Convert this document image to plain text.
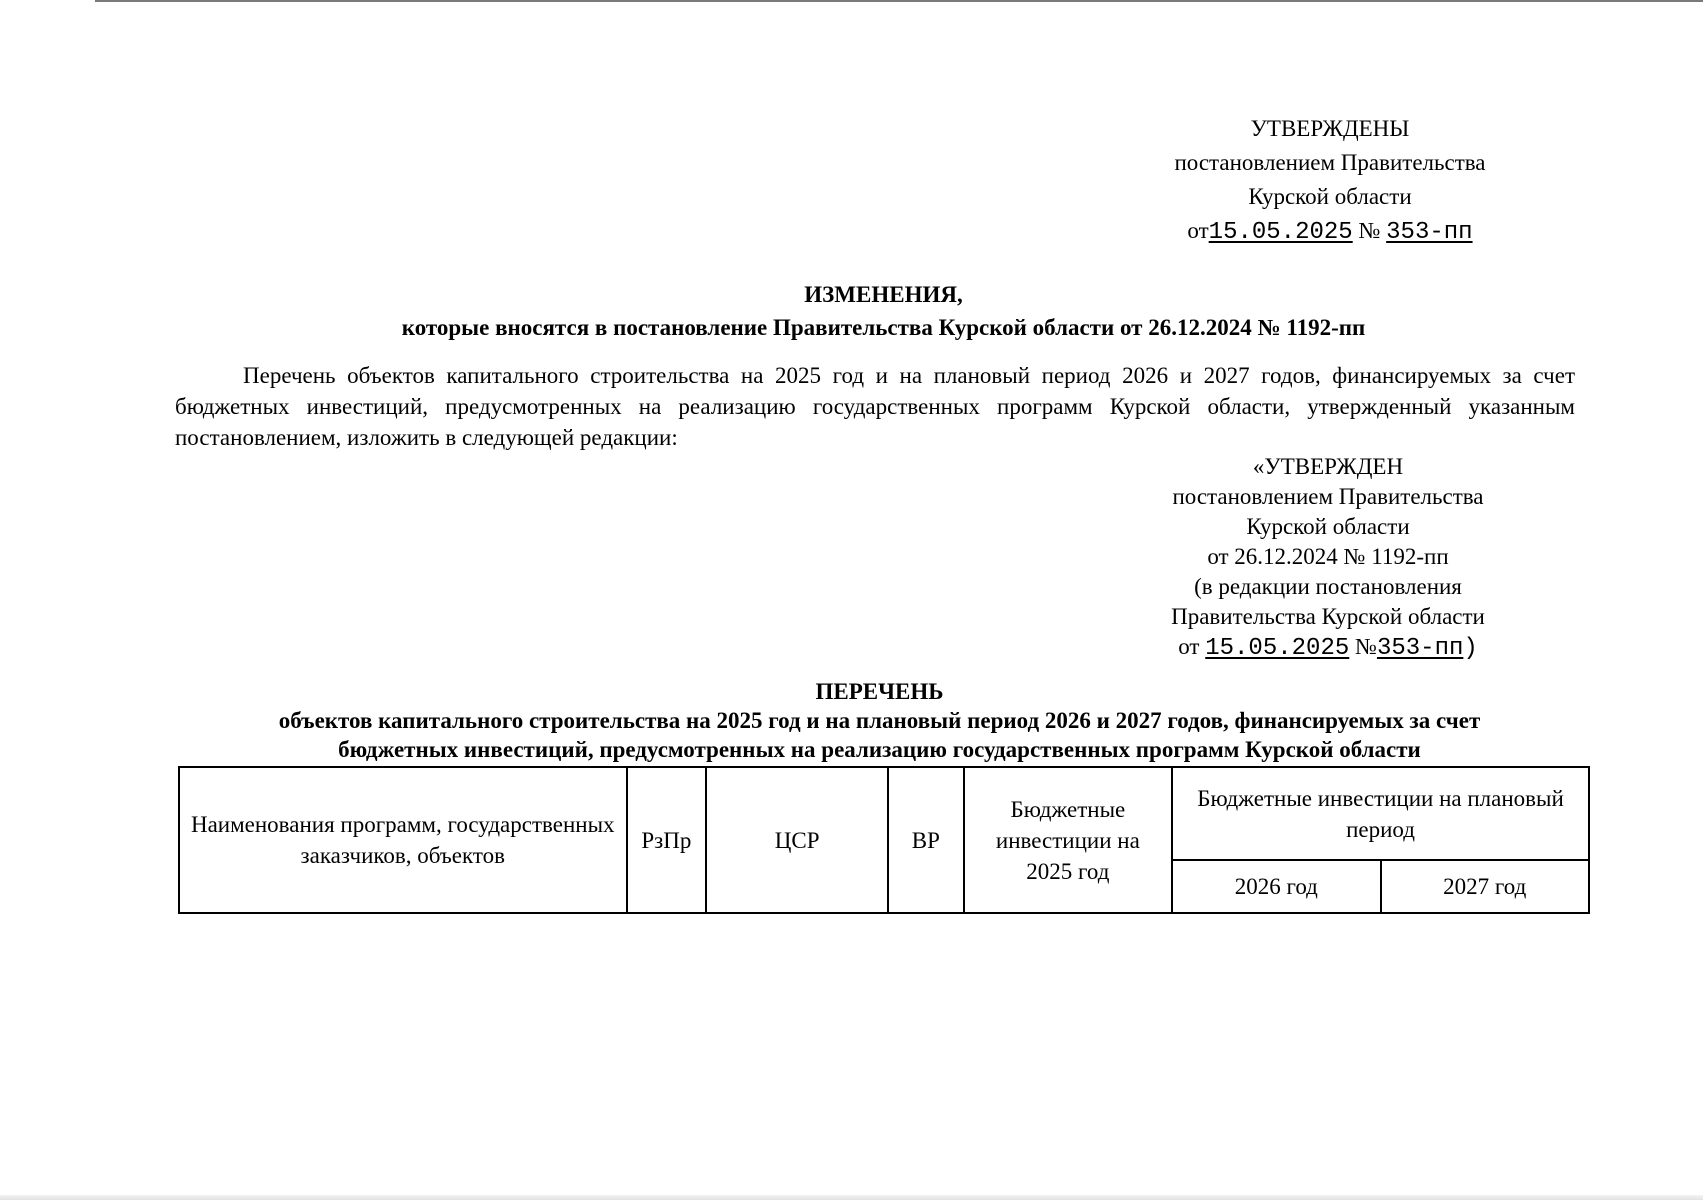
УТВЕРЖДЕНЫ
постановлением Правительства
Курской области
от15.05.2025 № 353-пп
ИЗМЕНЕНИЯ,
которые вносятся в постановление Правительства Курской области от 26.12.2024 № 1192-пп
Перечень объектов капитального строительства на 2025 год и на плановый период 2026 и 2027 годов, финансируемых за счет бюджетных инвестиций, предусмотренных на реализацию государственных программ Курской области, утвержденный указанным постановлением, изложить в следующей редакции:
«УТВЕРЖДЕН
постановлением Правительства
Курской области
от 26.12.2024 № 1192-пп
(в редакции постановления
Правительства Курской области
от 15.05.2025 №353-пп)
ПЕРЕЧЕНЬ
объектов капитального строительства на 2025 год и на плановый период 2026 и 2027 годов, финансируемых за счет
бюджетных инвестиций, предусмотренных на реализацию государственных программ Курской области
Наименования программ, государственных заказчиков, объектов	РзПр	ЦСР	ВР	Бюджетные инвестиции на 2025 год	Бюджетные инвестиции на плановый период	
					2026 год	2027 год
